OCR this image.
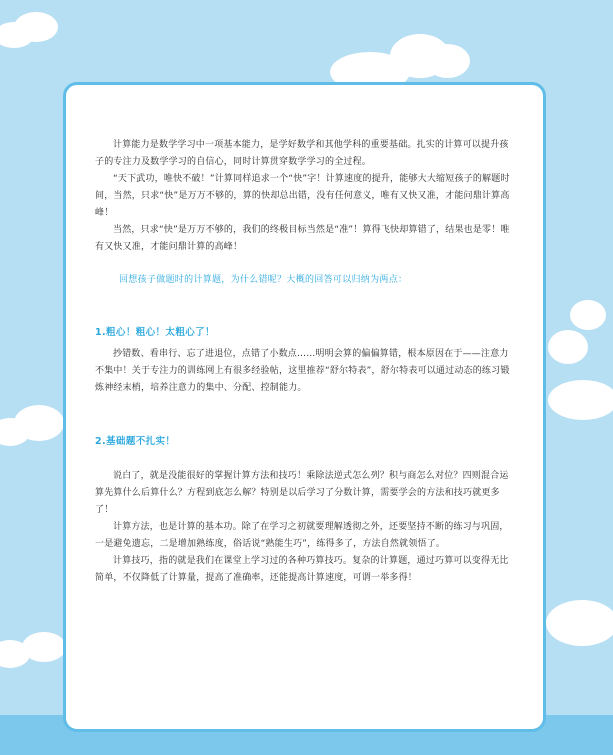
计算能力是数学学习中一项基本能力，是学好数学和其他学科的重要基础。扎实的计算可以提升孩子的专注力及数学学习的自信心，同时计算贯穿数学学习的全过程。

“天下武功，唯快不破！”计算同样追求一个“快”字！计算速度的提升，能够大大缩短孩子的解题时间，当然，只求“快”是万万不够的，算的快却总出错，没有任何意义，唯有又快又准，才能问鼎计算高峰！

当然，只求“快”是万万不够的，我们的终极目标当然是“准”！算得飞快却算错了，结果也是零！唯有又快又准，才能问鼎计算的高峰！

回想孩子做题时的计算题，为什么错呢？大概的回答可以归纳为两点：

1.粗心！粗心！太粗心了！

抄错数、看串行、忘了进退位，点错了小数点……明明会算的偏偏算错，根本原因在于——注意力不集中！关于专注力的训练网上有很多经验帖，这里推荐“舒尔特表”，舒尔特表可以通过动态的练习锻炼神经末梢，培养注意力的集中、分配、控制能力。

2.基础题不扎实！

说白了，就是没能很好的掌握计算方法和技巧！乘除法逆式怎么列？积与商怎么对位？四则混合运算先算什么后算什么？方程到底怎么解？特别是以后学习了分数计算，需要学会的方法和技巧就更多了！

计算方法，也是计算的基本功。除了在学习之初就要理解透彻之外，还要坚持不断的练习与巩固，一是避免遗忘，二是增加熟练度，俗话说“熟能生巧”，练得多了，方法自然就领悟了。

计算技巧，指的就是我们在课堂上学习过的各种巧算技巧。复杂的计算题，通过巧算可以变得无比简单，不仅降低了计算量，提高了准确率，还能提高计算速度，可谓一举多得！
